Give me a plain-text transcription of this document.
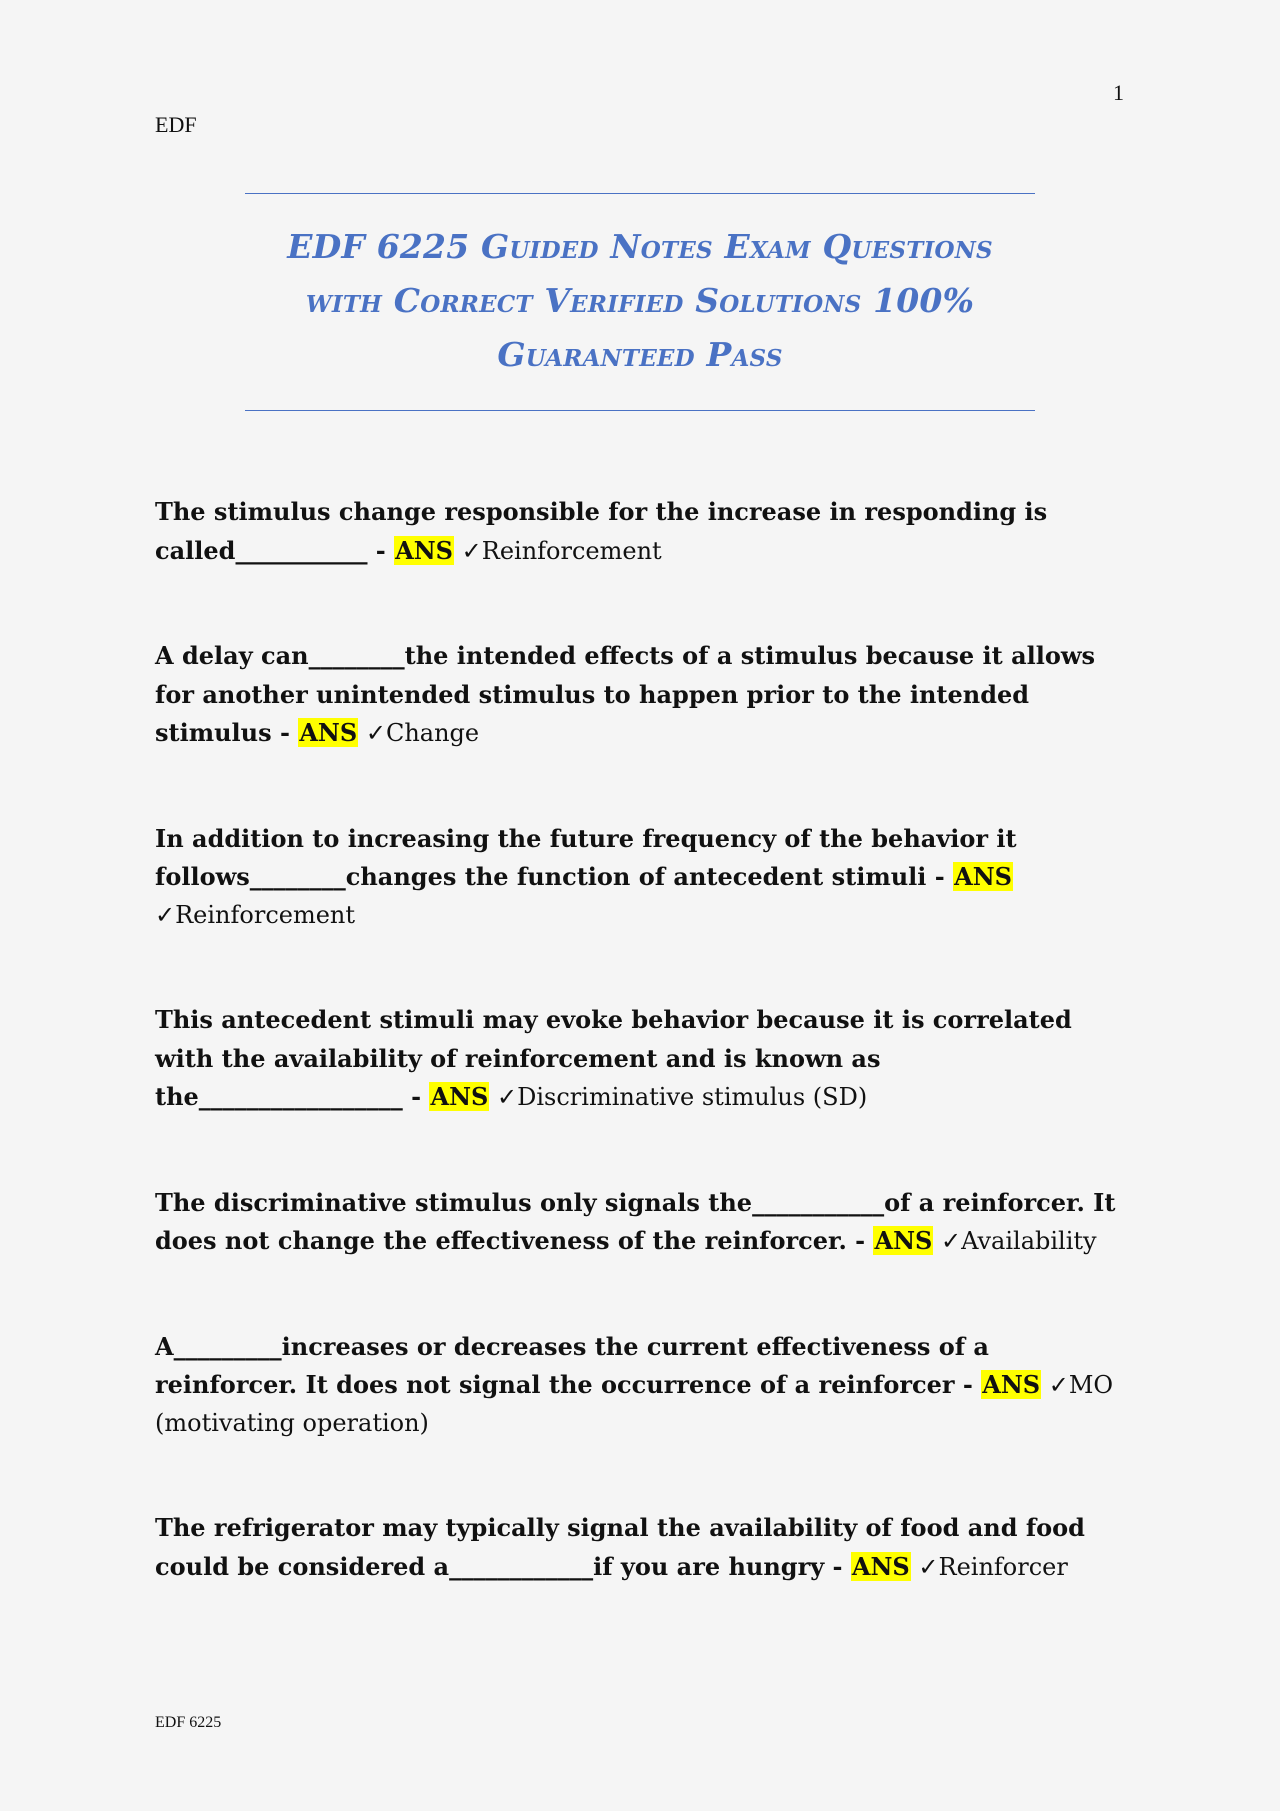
EDF
1
EDF 6225 Guided Notes Exam Questions
with Correct Verified Solutions 100%
Guaranteed Pass
The stimulus change responsible for the increase in responding is called___________ - ANS ✓Reinforcement
A delay can________the intended effects of a stimulus because it allows for another unintended stimulus to happen prior to the intended stimulus - ANS ✓Change
In addition to increasing the future frequency of the behavior it follows________changes the function of antecedent stimuli - ANS ✓Reinforcement
This antecedent stimuli may evoke behavior because it is correlated with the availability of reinforcement and is known as the_________________ - ANS ✓Discriminative stimulus (SD)
The discriminative stimulus only signals the___________of a reinforcer. It does not change the effectiveness of the reinforcer. - ANS ✓Availability
A_________increases or decreases the current effectiveness of a reinforcer. It does not signal the occurrence of a reinforcer - ANS ✓MO (motivating operation)
The refrigerator may typically signal the availability of food and food could be considered a____________if you are hungry - ANS ✓Reinforcer
EDF 6225
